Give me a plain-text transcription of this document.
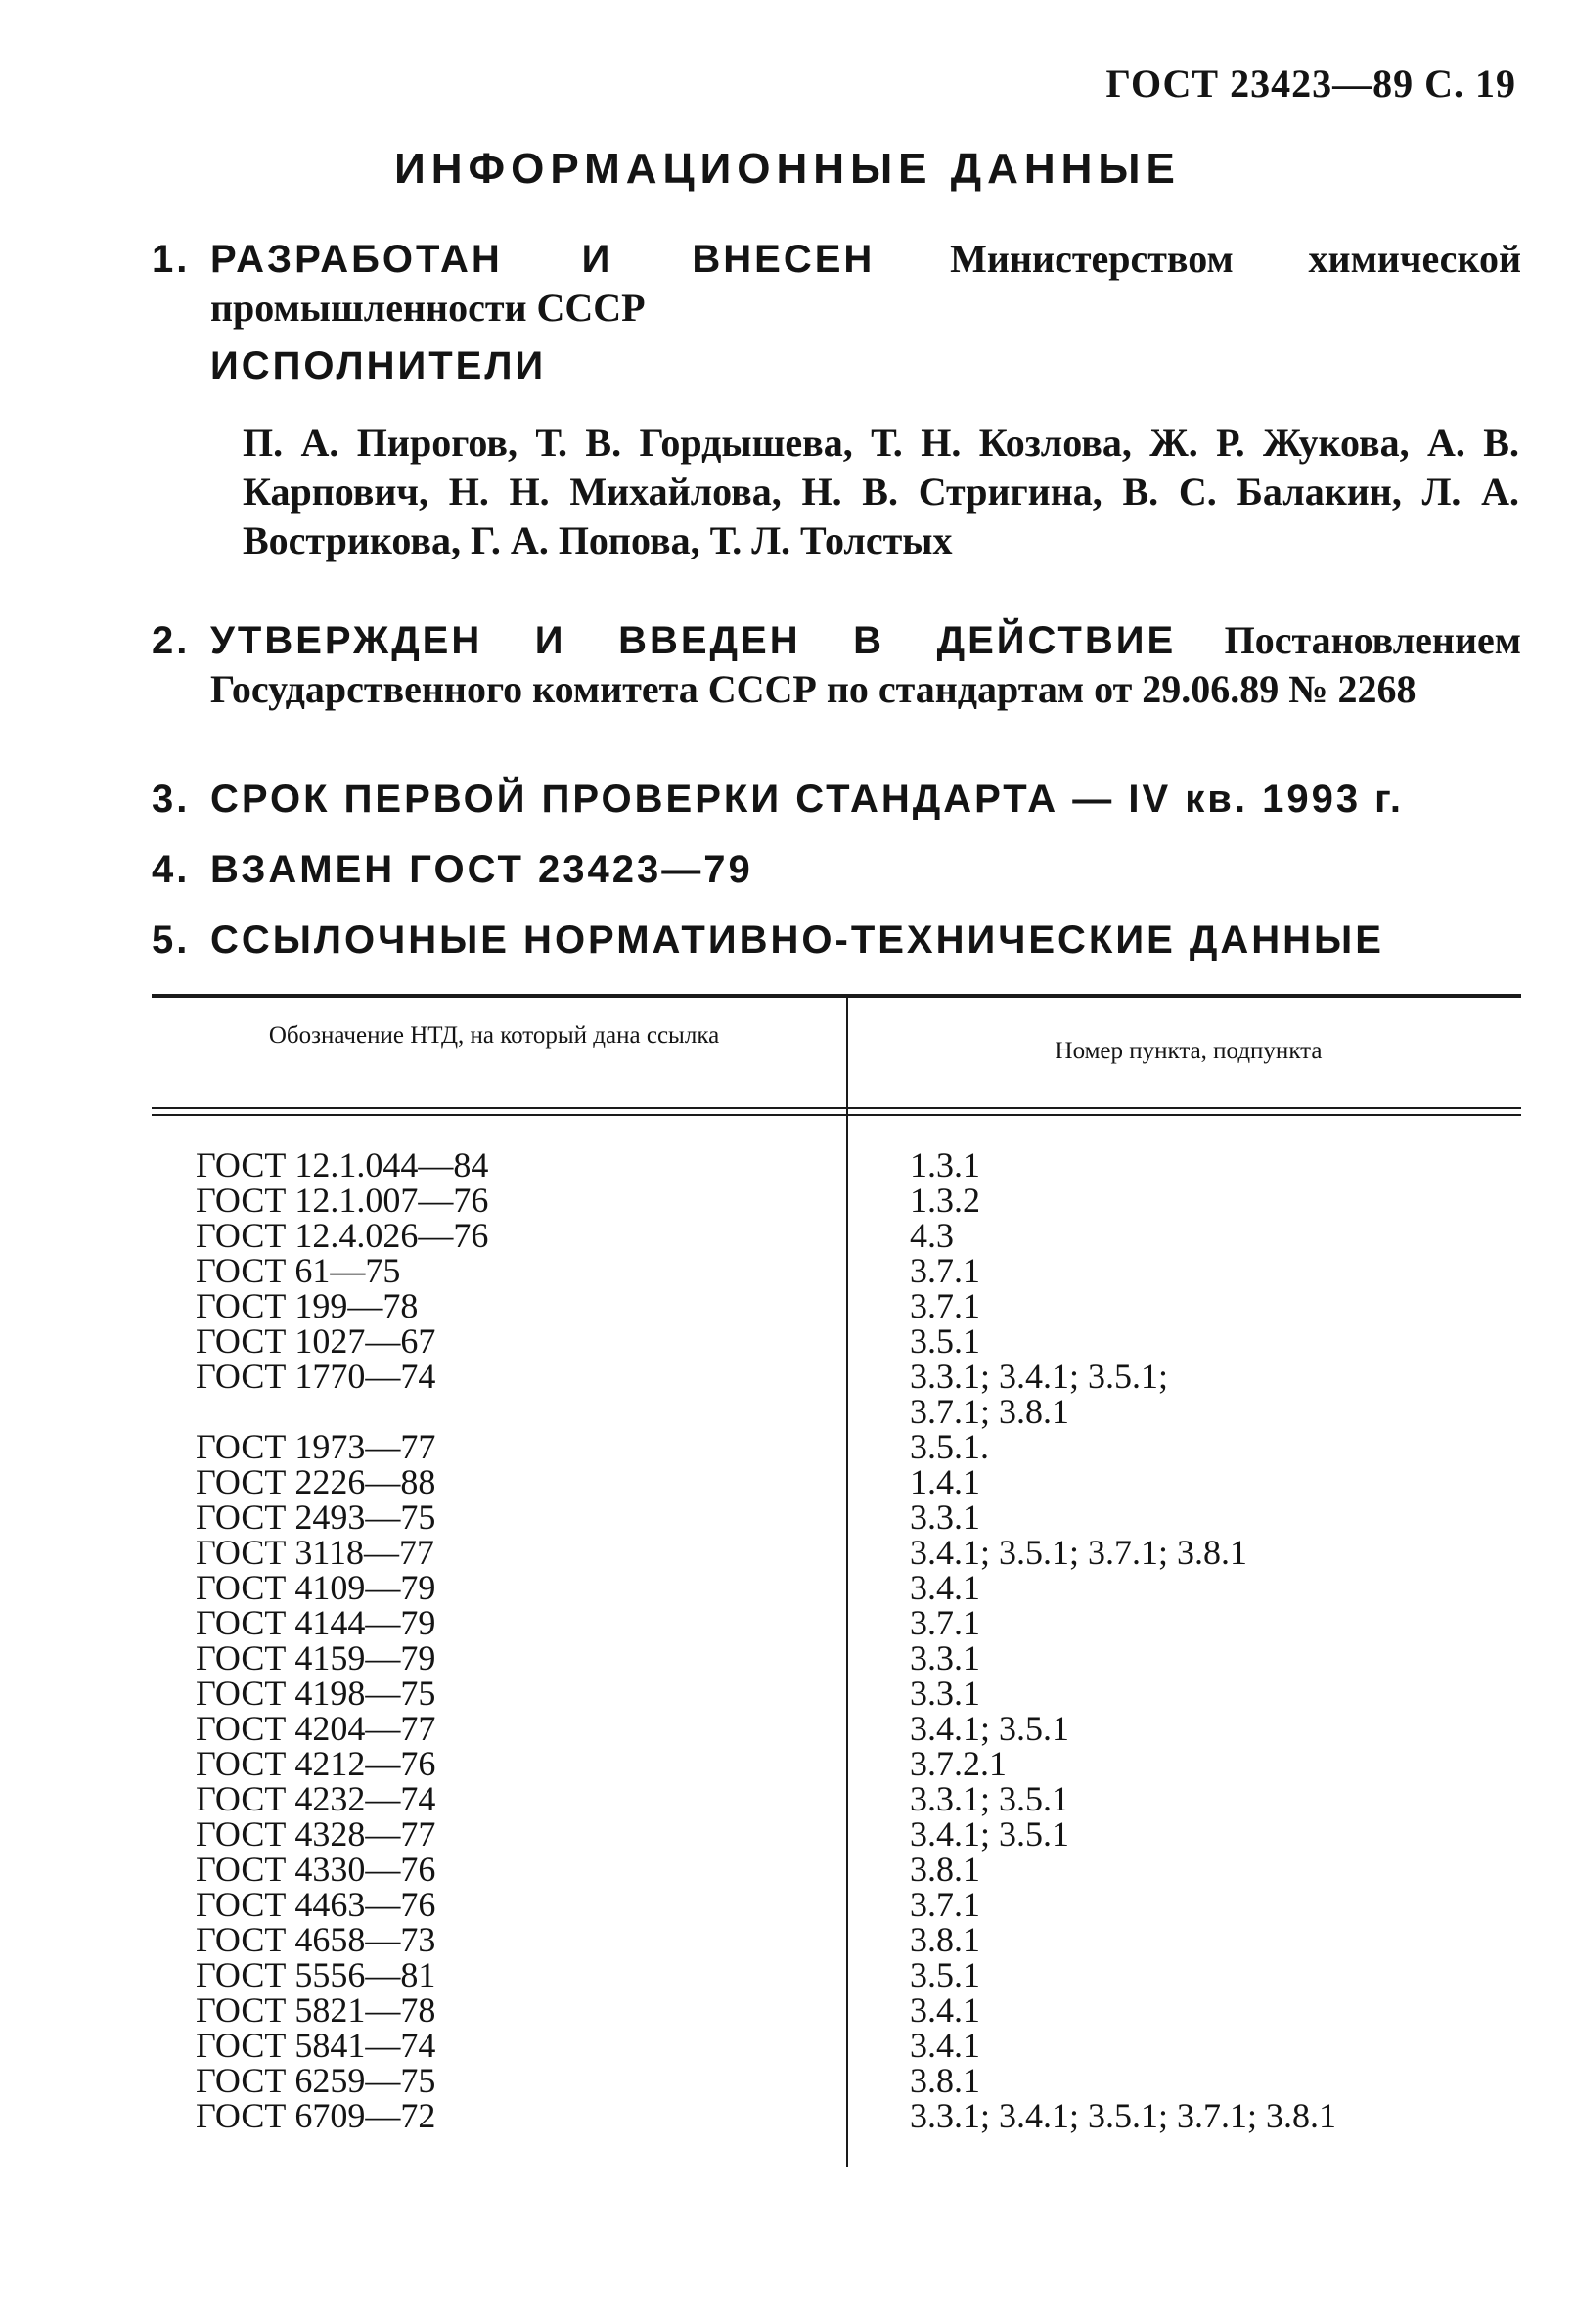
ГОСТ 23423—89 С. 19
ИНФОРМАЦИОННЫЕ ДАННЫЕ
1. РАЗРАБОТАН И ВНЕСЕН Министерством химической промышленности СССР
ИСПОЛНИТЕЛИ
П. А. Пирогов, Т. В. Гордышева, Т. Н. Козлова, Ж. Р. Жукова, А. В. Карпович, Н. Н. Михайлова, Н. В. Стригина, В. С. Балакин, Л. А. Вострикова, Г. А. Попова, Т. Л. Толстых
2. УТВЕРЖДЕН И ВВЕДЕН В ДЕЙСТВИЕ Постановлением Государственного комитета СССР по стандартам от 29.06.89 № 2268
3. СРОК ПЕРВОЙ ПРОВЕРКИ СТАНДАРТА — IV кв. 1993 г.
4. ВЗАМЕН ГОСТ 23423—79
5. ССЫЛОЧНЫЕ НОРМАТИВНО-ТЕХНИЧЕСКИЕ ДАННЫЕ
Обозначение НТД, на который дана ссылка
Номер пункта, подпункта
ГОСТ 12.1.044—84	1.3.1
ГОСТ 12.1.007—76	1.3.2
ГОСТ 12.4.026—76	4.3
ГОСТ 61—75	3.7.1
ГОСТ 199—78	3.7.1
ГОСТ 1027—67	3.5.1
ГОСТ 1770—74	3.3.1; 3.4.1; 3.5.1;
3.7.1; 3.8.1
ГОСТ 1973—77	3.5.1.
ГОСТ 2226—88	1.4.1
ГОСТ 2493—75	3.3.1
ГОСТ 3118—77	3.4.1; 3.5.1; 3.7.1; 3.8.1
ГОСТ 4109—79	3.4.1
ГОСТ 4144—79	3.7.1
ГОСТ 4159—79	3.3.1
ГОСТ 4198—75	3.3.1
ГОСТ 4204—77	3.4.1; 3.5.1
ГОСТ 4212—76	3.7.2.1
ГОСТ 4232—74	3.3.1; 3.5.1
ГОСТ 4328—77	3.4.1; 3.5.1
ГОСТ 4330—76	3.8.1
ГОСТ 4463—76	3.7.1
ГОСТ 4658—73	3.8.1
ГОСТ 5556—81	3.5.1
ГОСТ 5821—78	3.4.1
ГОСТ 5841—74	3.4.1
ГОСТ 6259—75	3.8.1
ГОСТ 6709—72	3.3.1; 3.4.1; 3.5.1; 3.7.1; 3.8.1
